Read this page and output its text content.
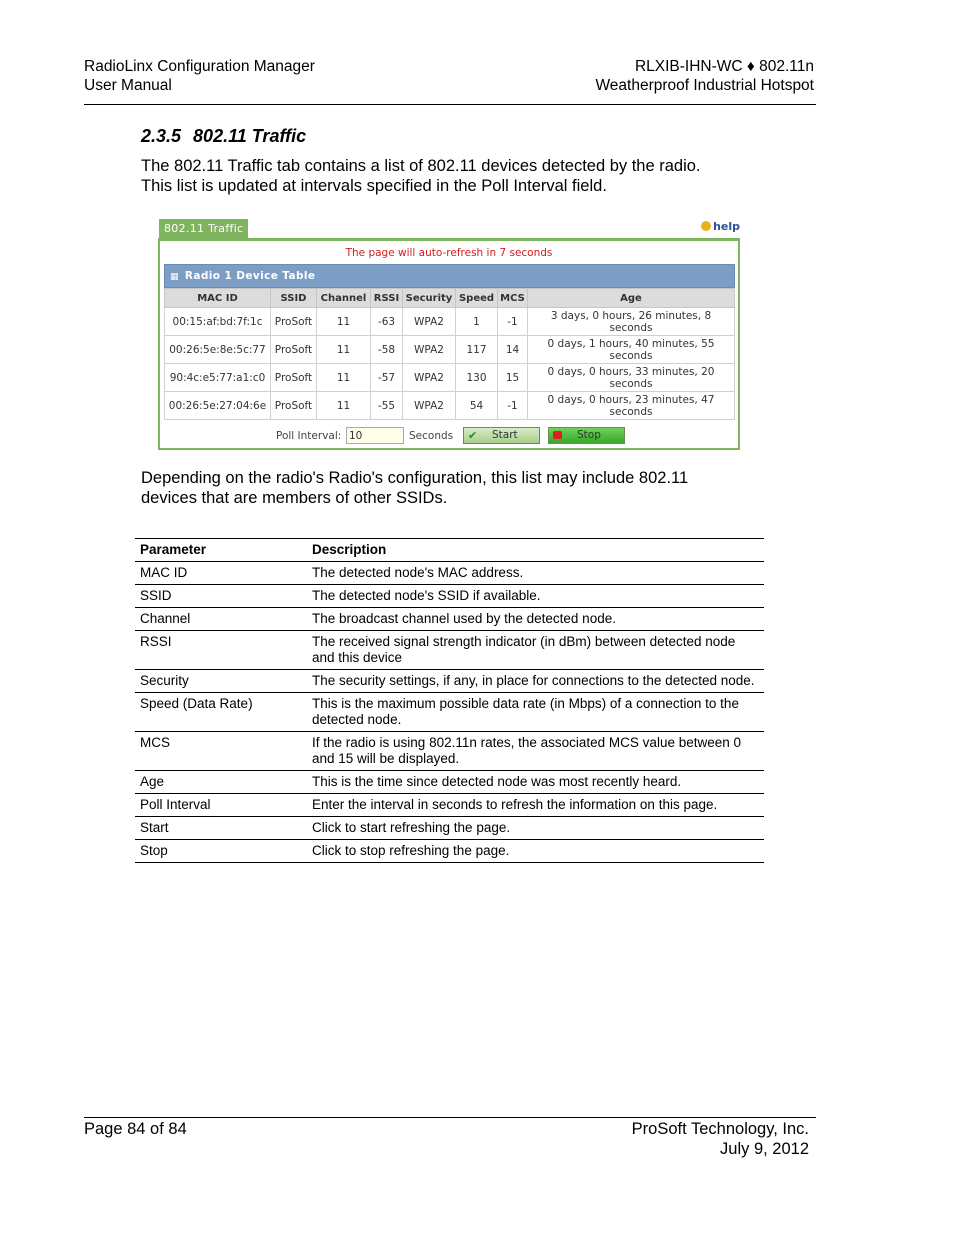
RadioLinx Configuration Manager
User Manual
RLXIB-IHN-WC ♦ 802.11n
Weatherproof Industrial Hotspot
2.3.5 802.11 Traffic
The 802.11 Traffic tab contains a list of 802.11 devices detected by the radio.
This list is updated at intervals specified in the Poll Interval field.
802.11 Traffic	help
The page will auto-refresh in 7 seconds
▦ Radio 1 Device Table
MAC ID	SSID	Channel	RSSI	Security	Speed	MCS	Age
00:15:af:bd:7f:1c	ProSoft	11	-63	WPA2	1	-1	3 days, 0 hours, 26 minutes, 8 seconds
00:26:5e:8e:5c:77	ProSoft	11	-58	WPA2	117	14	0 days, 1 hours, 40 minutes, 55 seconds
90:4c:e5:77:a1:c0	ProSoft	11	-57	WPA2	130	15	0 days, 0 hours, 33 minutes, 20 seconds
00:26:5e:27:04:6e	ProSoft	11	-55	WPA2	54	-1	0 days, 0 hours, 23 minutes, 47 seconds
Poll Interval:
10	Seconds ✔ Start	Stop
Depending on the radio's Radio's configuration, this list may include 802.11
devices that are members of other SSIDs.
Parameter	Description
MAC ID	The detected node's MAC address.
SSID	The detected node's SSID if available.
Channel	The broadcast channel used by the detected node.
RSSI	The received signal strength indicator (in dBm) between detected node and this device
Security	The security settings, if any, in place for connections to the detected node.
Speed (Data Rate)	This is the maximum possible data rate (in Mbps) of a connection to the detected node.
MCS	If the radio is using 802.11n rates, the associated MCS value between 0 and 15 will be displayed.
Age	This is the time since detected node was most recently heard.
Poll Interval	Enter the interval in seconds to refresh the information on this page.
Start	Click to start refreshing the page.
Stop	Click to stop refreshing the page.
Page 84 of 84	ProSoft Technology, Inc.
July 9, 2012
